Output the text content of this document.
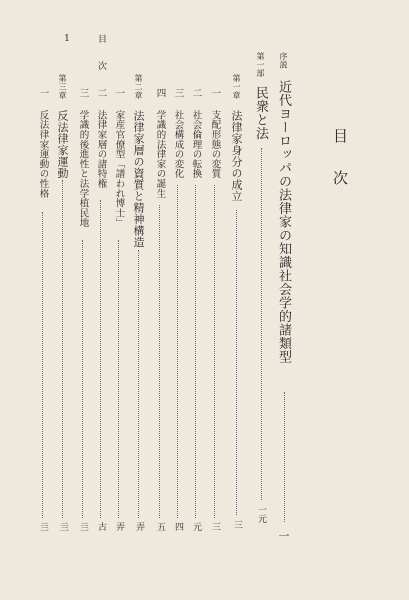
1	目 次
目　次
序説
近代ヨーロッパの法律家の知識社会学的諸類型
一
第一部
民衆と法
一元
第一章
法律家身分の成立
三
一
支配形態の変質
三
二
社会倫理の転換
元
三
社会構成の変化
四
四
学識的法律家の誕生
五
第二章
法律家層の資質と精神構造
弄
一
家産官僚型「譜われ博士」
弄
二
法律家層の諸特権
古
三
学識的後進性と法学植民地
亖
第三章
反法律家運動
亖
一
反法律家運動の性格
亖
